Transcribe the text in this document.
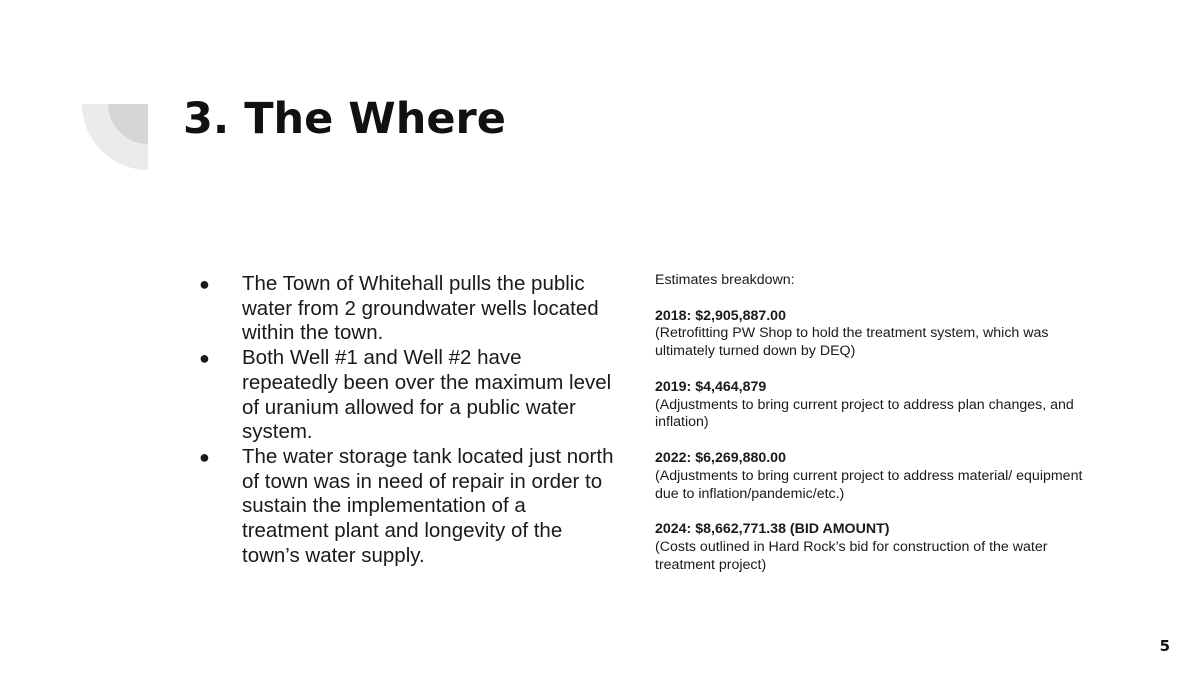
3. The Where
● The Town of Whitehall pulls the public water from 2 groundwater wells located within the town.
● Both Well #1 and Well #2 have repeatedly been over the maximum level of uranium allowed for a public water system.
● The water storage tank located just north of town was in need of repair in order to sustain the implementation of a treatment plant and longevity of the town’s water supply.

Estimates breakdown:

2018: $2,905,887.00
(Retrofitting PW Shop to hold the treatment system, which was ultimately turned down by DEQ)
2019: $4,464,879
(Adjustments to bring current project to address plan changes, and inflation)
2022: $6,269,880.00
(Adjustments to bring current project to address material/ equipment due to inflation/pandemic/etc.)
2024: $8,662,771.38 (BID AMOUNT)
(Costs outlined in Hard Rock’s bid for construction of the water treatment project)
5
